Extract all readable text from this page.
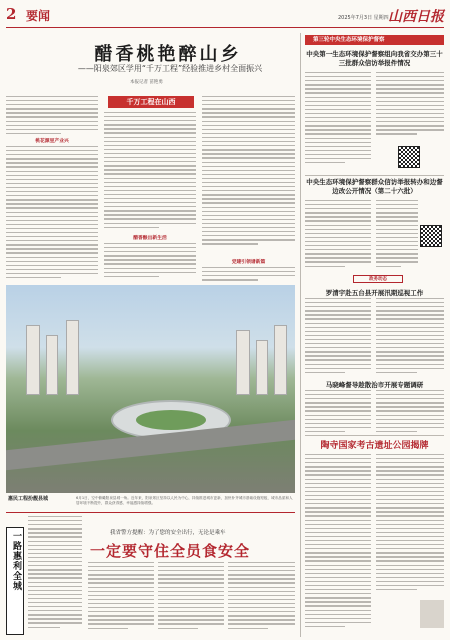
2 要闻	2025年7月3日 星期四 山西日报
醋香桃艳醉山乡
——阳泉郊区学用“千万工程”经验推进乡村全面振兴
本报记者 苗艳勇
桃花源里产业兴
千万工程在山西
醋香酿出新生活
党建引领谱新篇
惠民工程扮靓县城	6月1日，空中俯瞰阳泉县城一角。近年来，阳泉郊区坚持以人民为中心，持续推进城市更新，加快补齐城市基础设施短板，城市品质和人居环境不断提升，群众获得感、幸福感持续增强。
一路惠利全城	我省警方提醒：为了您的安全出行，无论是乘车
一定要守住全员食安全
第三轮中央生态环境保护督察
中央第一生态环境保护督察组向我省交办第三十三批群众信访举报件情况
中央生态环境保护督察群众信访举报转办和边督边改公开情况（第二十六批）
政务动态
罗清宇赴五台县开展汛期巡视工作
马晓峰督导趁散治市开展专题调研
陶寺国家考古遗址公园揭牌
